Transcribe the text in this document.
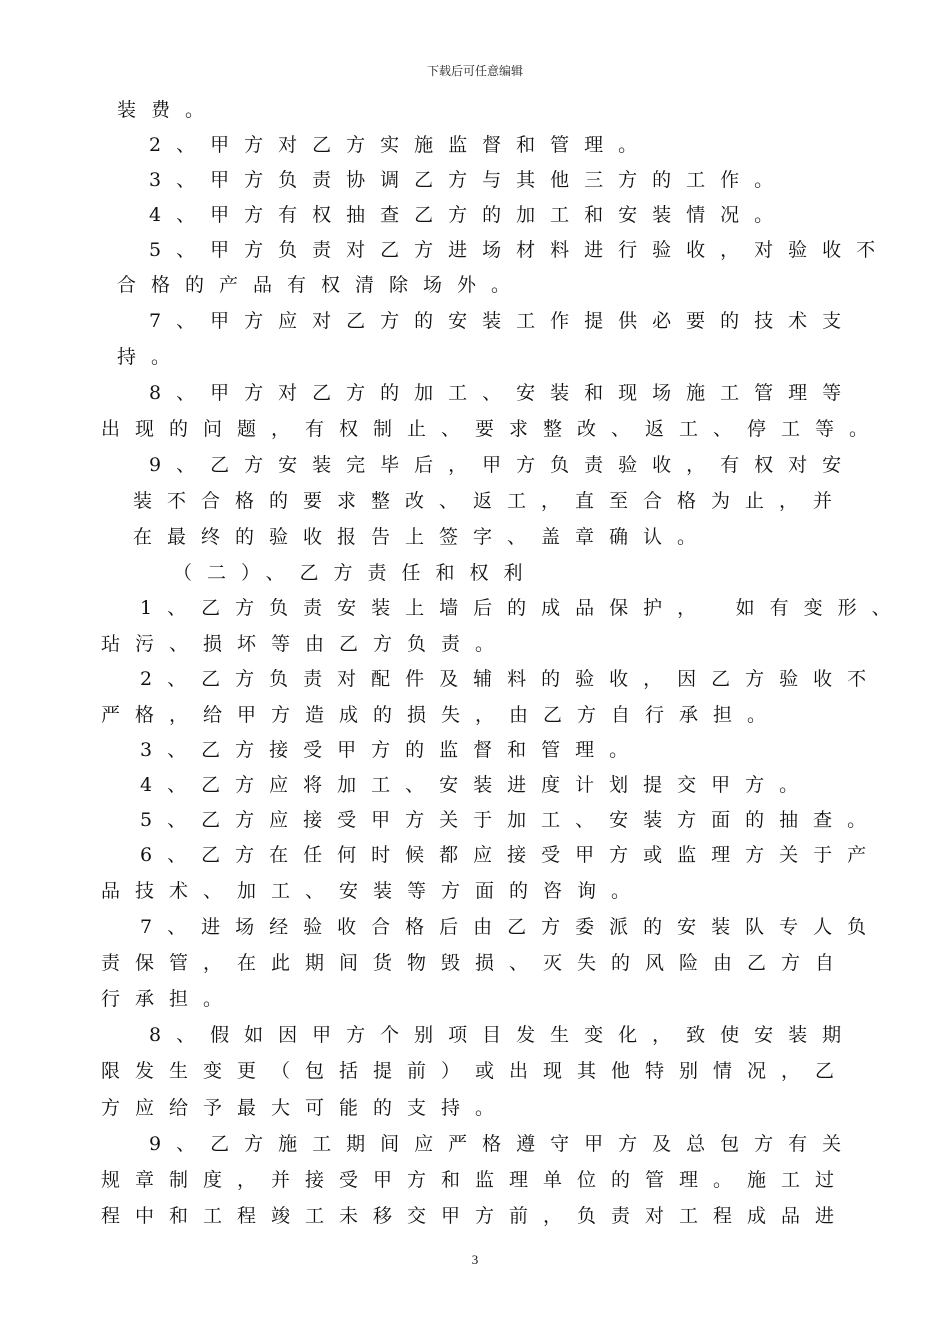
下载后可任意编辑
装费。
2、甲方对乙方实施监督和管理。
3、甲方负责协调乙方与其他三方的工作。
4、甲方有权抽查乙方的加工和安装情况。
5、甲方负责对乙方进场材料进行验收，对验收不
合格的产品有权清除场外。
7、甲方应对乙方的安装工作提供必要的技术支
持。
8、甲方对乙方的加工、安装和现场施工管理等
出现的问题，有权制止、要求整改、返工、停工等。
9、乙方安装完毕后，甲方负责验收，有权对安
装不合格的要求整改、返工，直至合格为止，并
在最终的验收报告上签字、盖章确认。
（二）、乙方责任和权利
1、乙方负责安装上墙后的成品保护，　如有变形、
玷污、损坏等由乙方负责。
2、乙方负责对配件及辅料的验收，因乙方验收不
严格，给甲方造成的损失，由乙方自行承担。
3、乙方接受甲方的监督和管理。
4、乙方应将加工、安装进度计划提交甲方。
5、乙方应接受甲方关于加工、安装方面的抽查。
6、乙方在任何时候都应接受甲方或监理方关于产
品技术、加工、安装等方面的咨询。
7、进场经验收合格后由乙方委派的安装队专人负
责保管，在此期间货物毁损、灭失的风险由乙方自
行承担。
8、假如因甲方个别项目发生变化，致使安装期
限发生变更（包括提前）或出现其他特别情况，乙
方应给予最大可能的支持。
9、乙方施工期间应严格遵守甲方及总包方有关
规章制度，并接受甲方和监理单位的管理。施工过
程中和工程竣工未移交甲方前，负责对工程成品进
3
